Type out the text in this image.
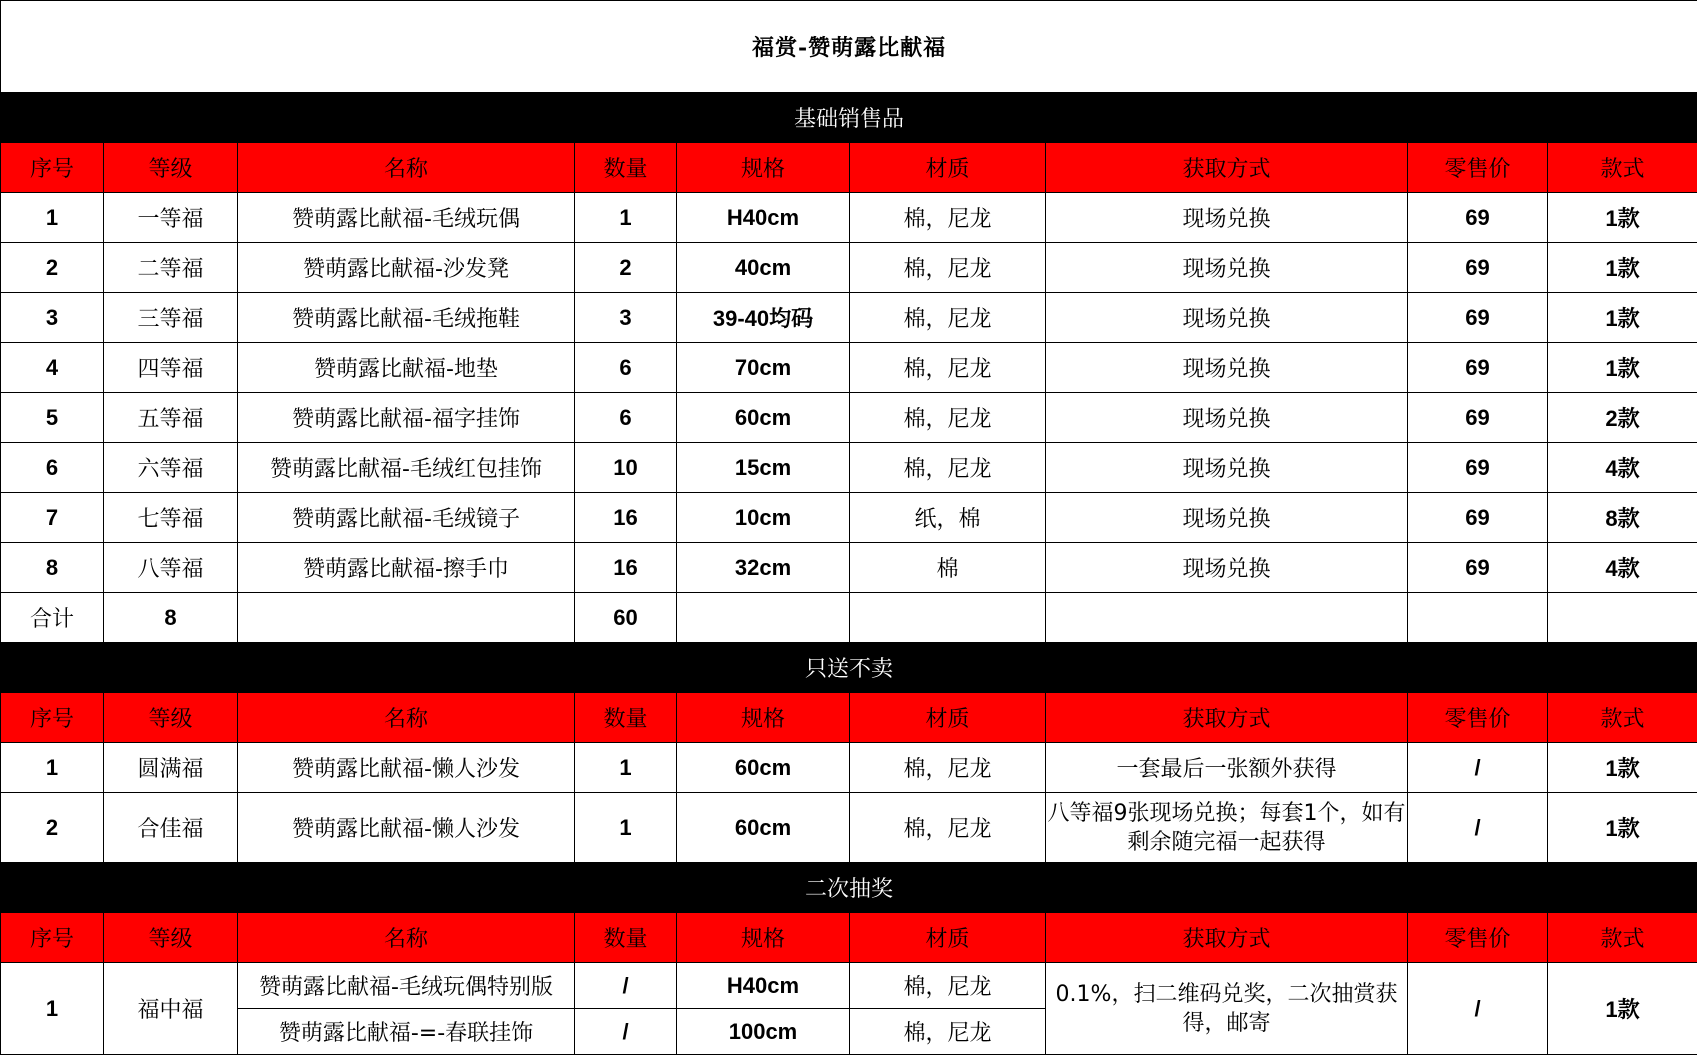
福赏-赞萌露比献福								
基础销售品								
序号	等级	名称	数量	规格	材质	获取方式	零售价	款式
1	一等福	赞萌露比献福-毛绒玩偶	1	H40cm	棉，尼龙	现场兑换	69	1款
2	二等福	赞萌露比献福-沙发凳	2	40cm	棉，尼龙	现场兑换	69	1款
3	三等福	赞萌露比献福-毛绒拖鞋	3	39-40均码	棉，尼龙	现场兑换	69	1款
4	四等福	赞萌露比献福-地垫	6	70cm	棉，尼龙	现场兑换	69	1款
5	五等福	赞萌露比献福-福字挂饰	6	60cm	棉，尼龙	现场兑换	69	2款
6	六等福	赞萌露比献福-毛绒红包挂饰	10	15cm	棉，尼龙	现场兑换	69	4款
7	七等福	赞萌露比献福-毛绒镜子	16	10cm	纸，棉	现场兑换	69	8款
8	八等福	赞萌露比献福-擦手巾	16	32cm	棉	现场兑换	69	4款
合计	8		60					
只送不卖								
序号	等级	名称	数量	规格	材质	获取方式	零售价	款式
1	圆满福	赞萌露比献福-懒人沙发	1	60cm	棉，尼龙	一套最后一张额外获得	/	1款
2	合佳福	赞萌露比献福-懒人沙发	1	60cm	棉，尼龙	八等福9张现场兑换；每套1个，如有剩余随完福一起获得	/	1款
二次抽奖								
序号	等级	名称	数量	规格	材质	获取方式	零售价	款式
1	福中福	赞萌露比献福-毛绒玩偶特别版	/	H40cm	棉，尼龙	0.1%，扫二维码兑奖，二次抽赏获得，邮寄	/	1款
		赞萌露比献福-=-春联挂饰	/	100cm	棉，尼龙			
